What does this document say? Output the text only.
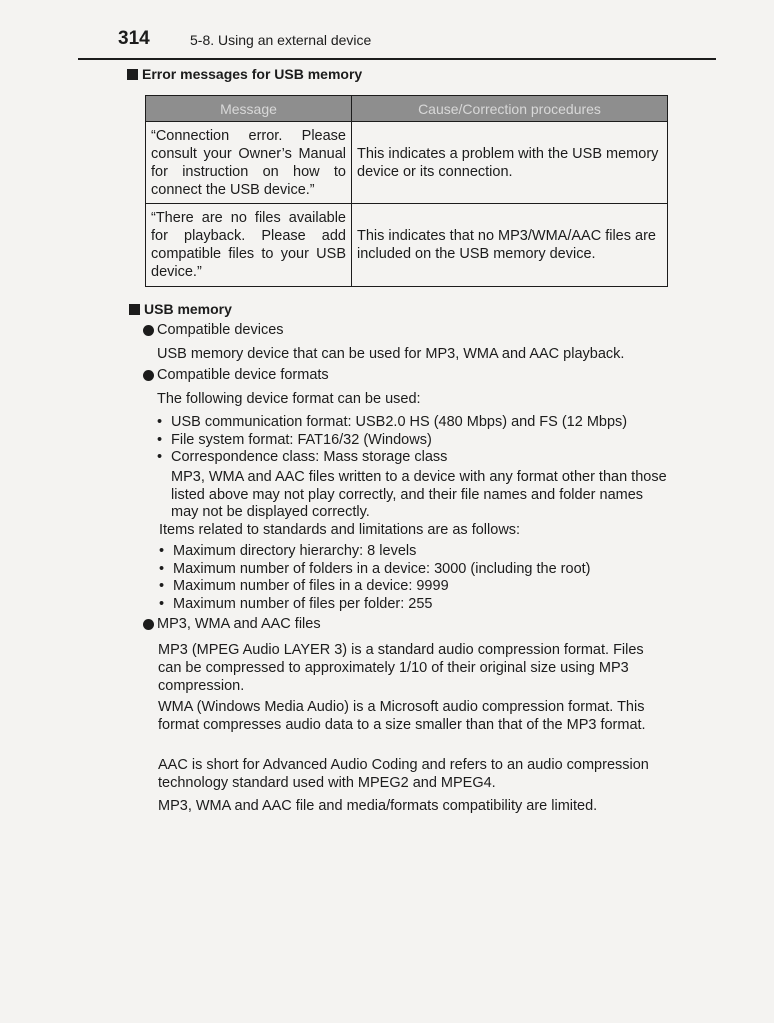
314	5-8. Using an external device
Error messages for USB memory
Message	Cause/Correction procedures
“Connection error. Please consult your Owner’s Manual for instruction on how to connect the USB device.”	This indicates a problem with the USB memory device or its connection.
“There are no files available for playback. Please add compatible files to your USB device.”	This indicates that no MP3/WMA/AAC files are included on the USB memory device.
USB memory
Compatible devices
USB memory device that can be used for MP3, WMA and AAC playback.
Compatible device formats
The following device format can be used:
• USB communication format: USB2.0 HS (480 Mbps) and FS (12 Mbps)
• File system format: FAT16/32 (Windows)
• Correspondence class: Mass storage class
MP3, WMA and AAC files written to a device with any format other than those listed above may not play correctly, and their file names and folder names may not be displayed correctly.
Items related to standards and limitations are as follows:
• Maximum directory hierarchy: 8 levels
• Maximum number of folders in a device: 3000 (including the root)
• Maximum number of files in a device: 9999
• Maximum number of files per folder: 255
MP3, WMA and AAC files
MP3 (MPEG Audio LAYER 3) is a standard audio compression format. Files can be compressed to approximately 1/10 of their original size using MP3 compression.
WMA (Windows Media Audio) is a Microsoft audio compression format. This format compresses audio data to a size smaller than that of the MP3 format.
AAC is short for Advanced Audio Coding and refers to an audio compression technology standard used with MPEG2 and MPEG4.
MP3, WMA and AAC file and media/formats compatibility are limited.
